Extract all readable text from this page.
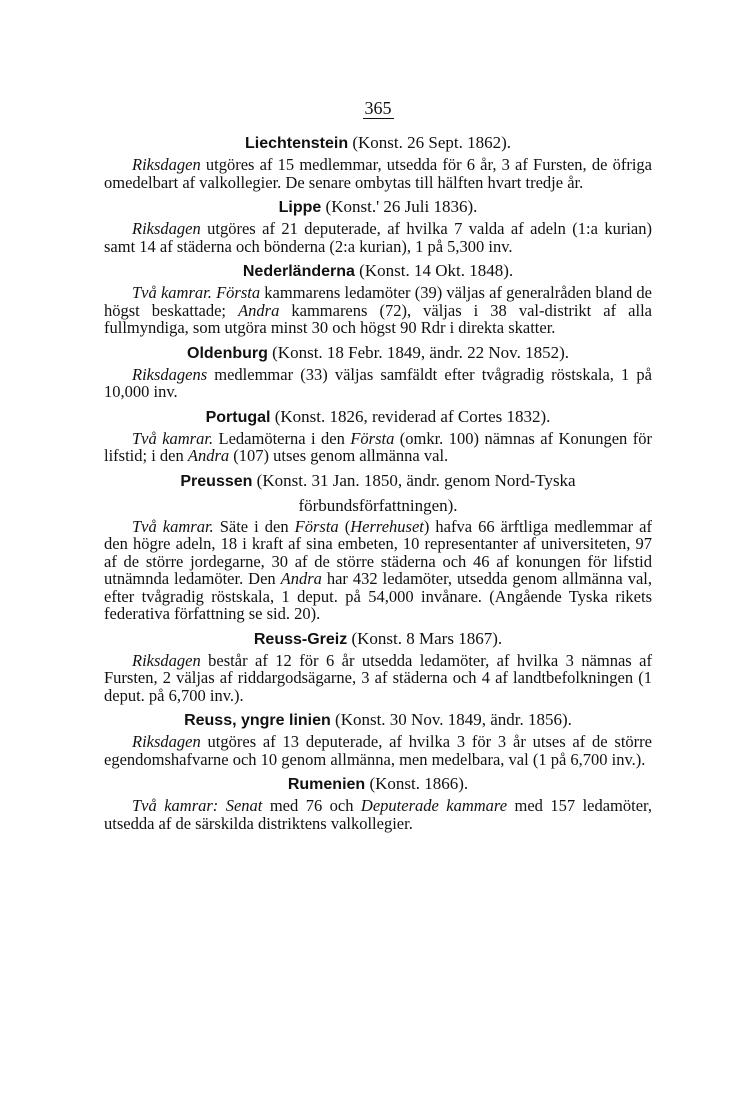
365
Liechtenstein (Konst. 26 Sept. 1862).

Riksdagen utgöres af 15 medlemmar, utsedda för 6 år, 3 af Fursten, de öfriga omedelbart af valkollegier. De senare ombytas till hälften hvart tredje år.

Lippe (Konst.' 26 Juli 1836).

Riksdagen utgöres af 21 deputerade, af hvilka 7 valda af adeln (1:a kurian) samt 14 af städerna och bönderna (2:a kurian), 1 på 5,300 inv.

Nederländerna (Konst. 14 Okt. 1848).

Två kamrar. Första kammarens ledamöter (39) väljas af generalråden bland de högst beskattade; Andra kammarens (72), väljas i 38 val-distrikt af alla fullmyndiga, som utgöra minst 30 och högst 90 Rdr i direkta skatter.

Oldenburg (Konst. 18 Febr. 1849, ändr. 22 Nov. 1852).

Riksdagens medlemmar (33) väljas samfäldt efter tvågradig röstskala, 1 på 10,000 inv.

Portugal (Konst. 1826, reviderad af Cortes 1832).

Två kamrar. Ledamöterna i den Första (omkr. 100) nämnas af Konungen för lifstid; i den Andra (107) utses genom allmänna val.

Preussen (Konst. 31 Jan. 1850, ändr. genom Nord-Tyska förbundsförfattningen).

Två kamrar. Säte i den Första (Herrehuset) hafva 66 ärftliga medlemmar af den högre adeln, 18 i kraft af sina embeten, 10 representanter af universiteten, 97 af de större jordegarne, 30 af de större städerna och 46 af konungen för lifstid utnämnda ledamöter. Den Andra har 432 ledamöter, utsedda genom allmänna val, efter tvågradig röstskala, 1 deput. på 54,000 invånare. (Angående Tyska rikets federativa författning se sid. 20).

Reuss-Greiz (Konst. 8 Mars 1867).

Riksdagen består af 12 för 6 år utsedda ledamöter, af hvilka 3 nämnas af Fursten, 2 väljas af riddargodsägarne, 3 af städerna och 4 af landtbefolkningen (1 deput. på 6,700 inv.).

Reuss, yngre linien (Konst. 30 Nov. 1849, ändr. 1856).

Riksdagen utgöres af 13 deputerade, af hvilka 3 för 3 år utses af de större egendomshafvarne och 10 genom allmänna, men medelbara, val (1 på 6,700 inv.).

Rumenien (Konst. 1866).

Två kamrar: Senat med 76 och Deputerade kammare med 157 ledamöter, utsedda af de särskilda distriktens valkollegier.
